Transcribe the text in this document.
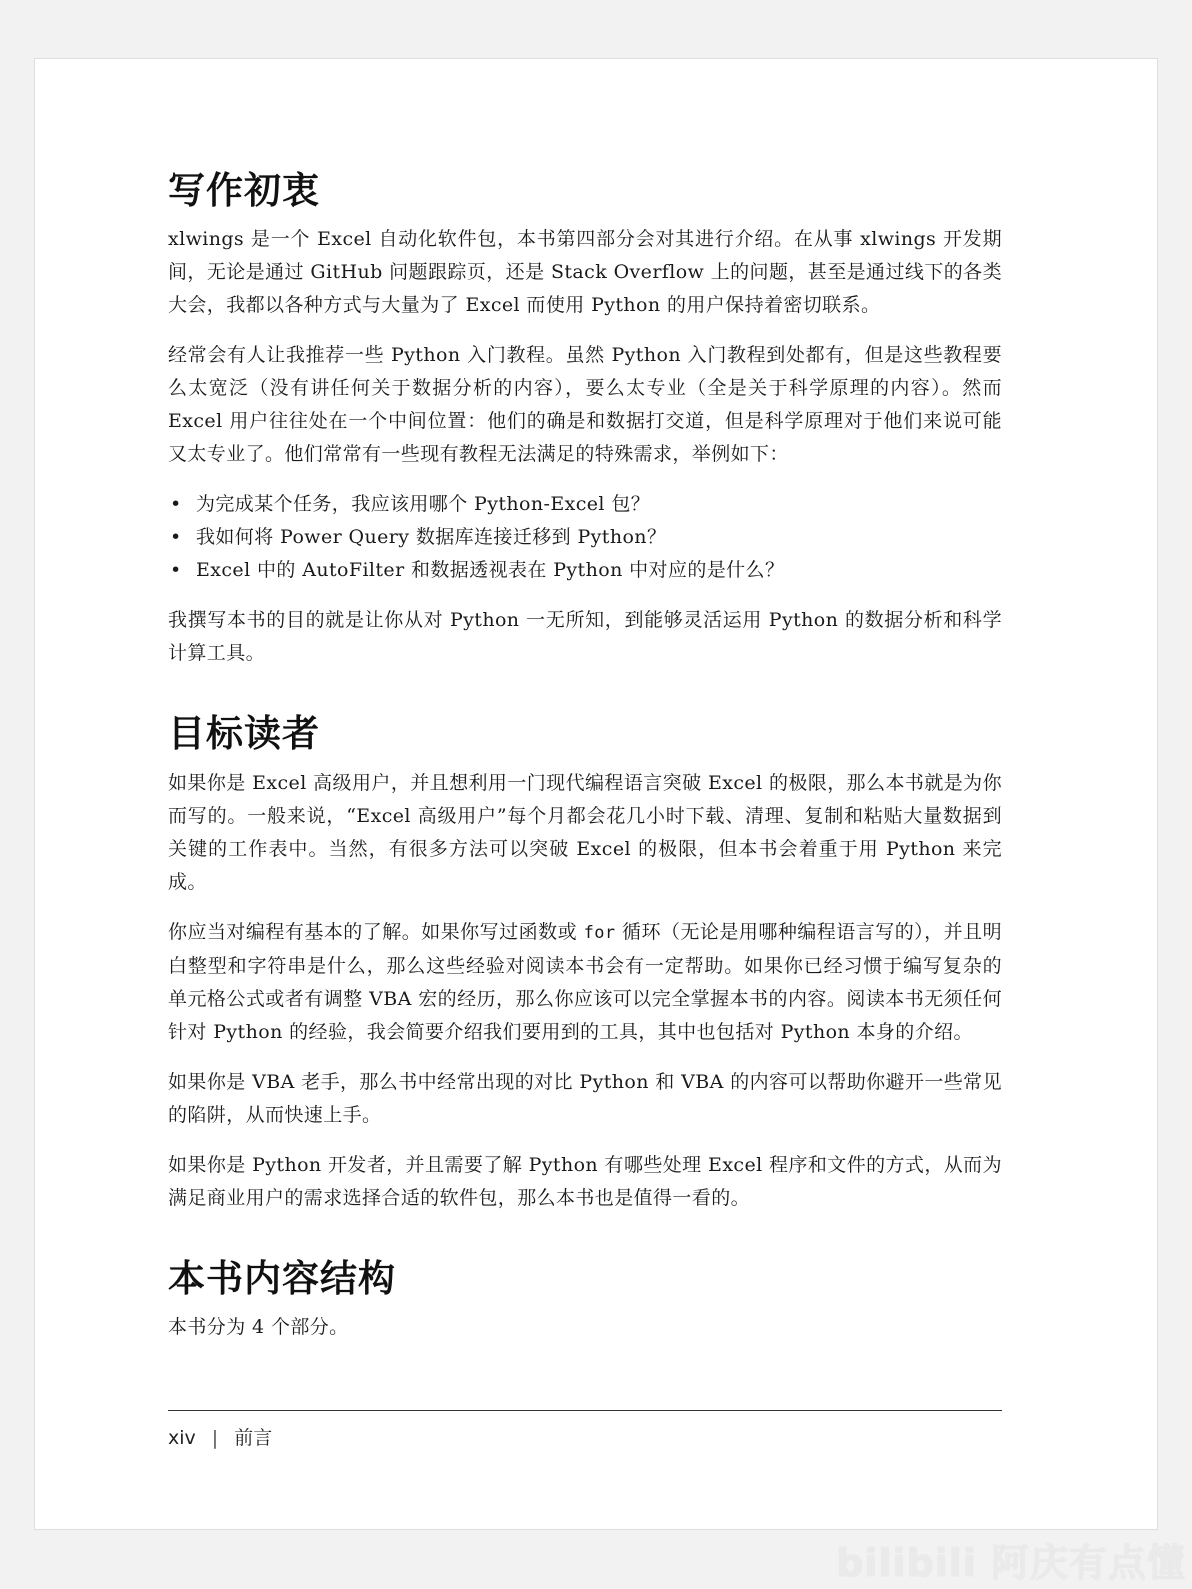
写作初衷

xlwings 是一个 Excel 自动化软件包，本书第四部分会对其进行介绍。在从事 xlwings 开发期间，无论是通过 GitHub 问题跟踪页，还是 Stack Overflow 上的问题，甚至是通过线下的各类大会，我都以各种方式与大量为了 Excel 而使用 Python 的用户保持着密切联系。

经常会有人让我推荐一些 Python 入门教程。虽然 Python 入门教程到处都有，但是这些教程要么太宽泛（没有讲任何关于数据分析的内容），要么太专业（全是关于科学原理的内容）。然而 Excel 用户往往处在一个中间位置：他们的确是和数据打交道，但是科学原理对于他们来说可能又太专业了。他们常常有一些现有教程无法满足的特殊需求，举例如下：

• 为完成某个任务，我应该用哪个 Python-Excel 包？
• 我如何将 Power Query 数据库连接迁移到 Python？
• Excel 中的 AutoFilter 和数据透视表在 Python 中对应的是什么？

我撰写本书的目的就是让你从对 Python 一无所知，到能够灵活运用 Python 的数据分析和科学计算工具。

目标读者

如果你是 Excel 高级用户，并且想利用一门现代编程语言突破 Excel 的极限，那么本书就是为你而写的。一般来说，“Excel 高级用户”每个月都会花几小时下载、清理、复制和粘贴大量数据到关键的工作表中。当然，有很多方法可以突破 Excel 的极限，但本书会着重于用 Python 来完成。

你应当对编程有基本的了解。如果你写过函数或 for 循环（无论是用哪种编程语言写的），并且明白整型和字符串是什么，那么这些经验对阅读本书会有一定帮助。如果你已经习惯于编写复杂的单元格公式或者有调整 VBA 宏的经历，那么你应该可以完全掌握本书的内容。阅读本书无须任何针对 Python 的经验，我会简要介绍我们要用到的工具，其中也包括对 Python 本身的介绍。

如果你是 VBA 老手，那么书中经常出现的对比 Python 和 VBA 的内容可以帮助你避开一些常见的陷阱，从而快速上手。

如果你是 Python 开发者，并且需要了解 Python 有哪些处理 Excel 程序和文件的方式，从而为满足商业用户的需求选择合适的软件包，那么本书也是值得一看的。

本书内容结构

本书分为 4 个部分。

xiv | 前言
bilibili 阿庆有点懂
